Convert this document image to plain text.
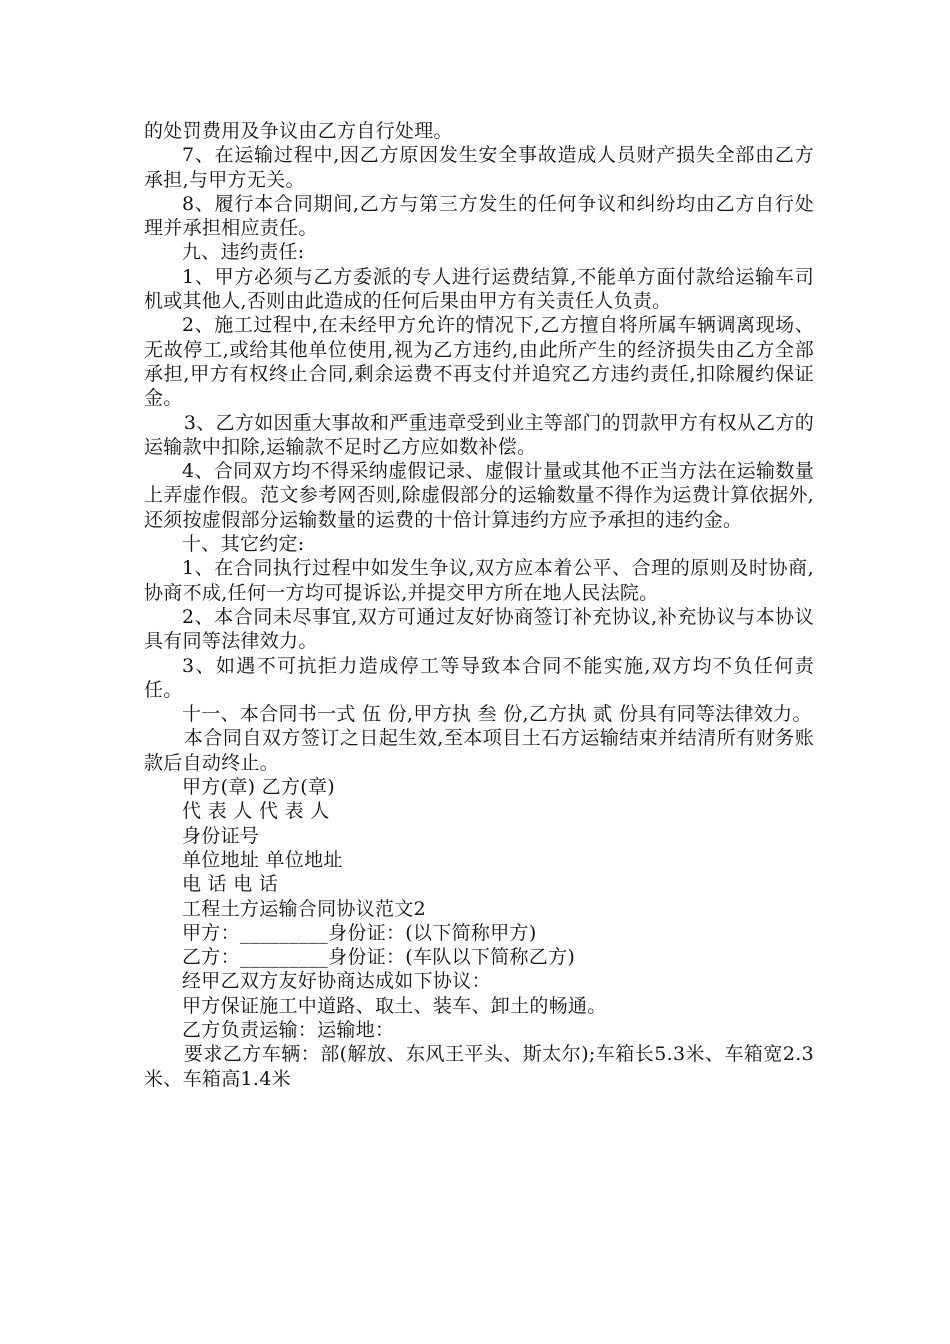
的处罚费用及争议由乙方自行处理。

7、在运输过程中,因乙方原因发生安全事故造成人员财产损失全部由乙方承担,与甲方无关。

8、履行本合同期间,乙方与第三方发生的任何争议和纠纷均由乙方自行处理并承担相应责任。

九、违约责任:

1、甲方必须与乙方委派的专人进行运费结算,不能单方面付款给运输车司机或其他人,否则由此造成的任何后果由甲方有关责任人负责。

2、施工过程中,在未经甲方允许的情况下,乙方擅自将所属车辆调离现场、无故停工,或给其他单位使用,视为乙方违约,由此所产生的经济损失由乙方全部承担,甲方有权终止合同,剩余运费不再支付并追究乙方违约责任,扣除履约保证金。

3、乙方如因重大事故和严重违章受到业主等部门的罚款甲方有权从乙方的运输款中扣除,运输款不足时乙方应如数补偿。

4、合同双方均不得采纳虚假记录、虚假计量或其他不正当方法在运输数量上弄虚作假。范文参考网否则,除虚假部分的运输数量不得作为运费计算依据外,还须按虚假部分运输数量的运费的十倍计算违约方应予承担的违约金。

十、其它约定:

1、在合同执行过程中如发生争议,双方应本着公平、合理的原则及时协商,协商不成,任何一方均可提诉讼,并提交甲方所在地人民法院。

2、本合同未尽事宜,双方可通过友好协商签订补充协议,补充协议与本协议具有同等法律效力。

3、如遇不可抗拒力造成停工等导致本合同不能实施,双方均不负任何责任。

十一、本合同书一式 伍 份,甲方执 叁 份,乙方执 贰 份具有同等法律效力。

本合同自双方签订之日起生效,至本项目土石方运输结束并结清所有财务账款后自动终止。

甲方(章) 乙方(章)

代 表 人 代 表 人

身份证号

单位地址 单位地址

电 话 电 话

工程土方运输合同协议范文2

甲方：_________身份证：(以下简称甲方)

乙方：_________身份证：(车队以下简称乙方)

经甲乙双方友好协商达成如下协议：

甲方保证施工中道路、取土、装车、卸土的畅通。

乙方负责运输：运输地：

要求乙方车辆：部(解放、东风王平头、斯太尔);车箱长5.3米、车箱宽2.3米、车箱高1.4米
